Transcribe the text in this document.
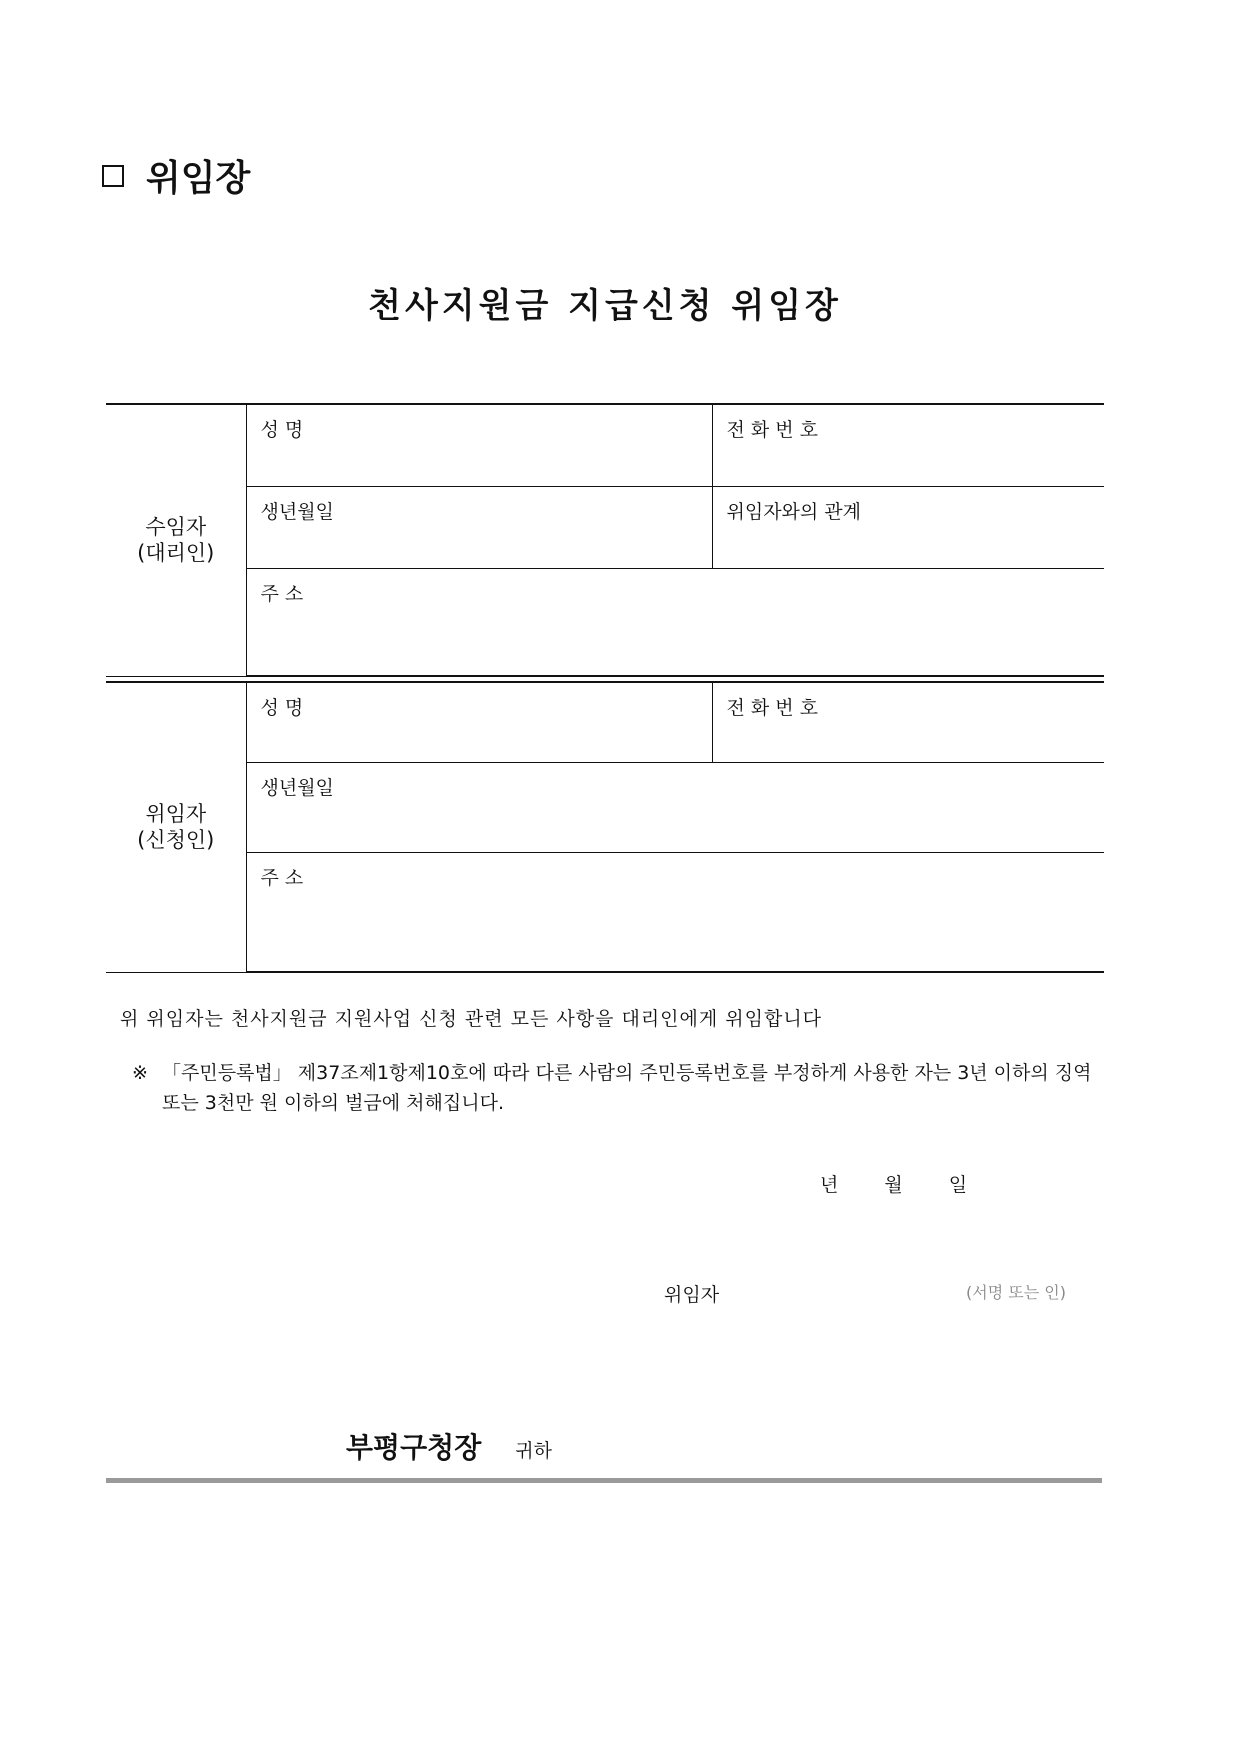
위임장
천사지원금 지급신청 위임장
수임자
(대리인)	성 명	전 화 번 호
	생년월일	위임자와의 관계
	주 소	
위임자
(신청인)
	성 명	전 화 번 호
생년월일
주 소
위 위임자는 천사지원금 지원사업 신청 관련 모든 사항을 대리인에게 위임합니다
※ 「주민등록법」 제37조제1항제10호에 따라 다른 사람의 주민등록번호를 부정하게 사용한 자는 3년 이하의 징역 또는 3천만 원 이하의 벌금에 처해집니다.
년 월 일
위임자	(서명 또는 인)
부평구청장 귀하
